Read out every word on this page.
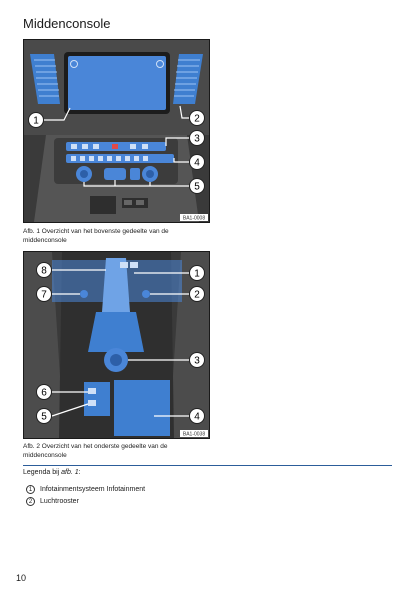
Middenconsole
1	2
3
4
5
BA1-0008
Afb. 1 Overzicht van het bovenste gedeelte van de middenconsole
8	1
7	2
3
6
5	4
BA1-0038
Afb. 2 Overzicht van het onderste gedeelte van de middenconsole
Legenda bij afb. 1:
1	Infotainmentsysteem Infotainment
2	Luchtrooster
10
